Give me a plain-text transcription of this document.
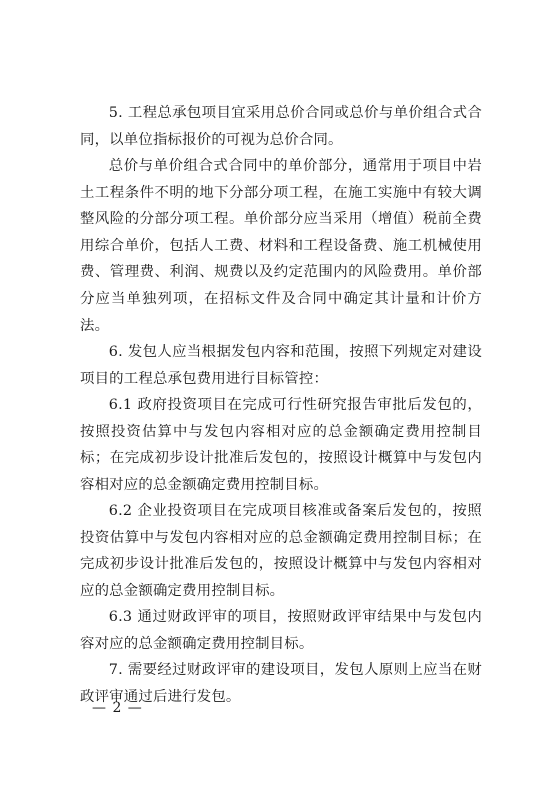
5. 工程总承包项目宜采用总价合同或总价与单价组合式合同，以单位指标报价的可视为总价合同。

总价与单价组合式合同中的单价部分，通常用于项目中岩土工程条件不明的地下分部分项工程，在施工实施中有较大调整风险的分部分项工程。单价部分应当采用（增值）税前全费用综合单价，包括人工费、材料和工程设备费、施工机械使用费、管理费、利润、规费以及约定范围内的风险费用。单价部分应当单独列项，在招标文件及合同中确定其计量和计价方法。

6. 发包人应当根据发包内容和范围，按照下列规定对建设项目的工程总承包费用进行目标管控：

6.1 政府投资项目在完成可行性研究报告审批后发包的，按照投资估算中与发包内容相对应的总金额确定费用控制目标；在完成初步设计批准后发包的，按照设计概算中与发包内容相对应的总金额确定费用控制目标。

6.2 企业投资项目在完成项目核准或备案后发包的，按照投资估算中与发包内容相对应的总金额确定费用控制目标；在完成初步设计批准后发包的，按照设计概算中与发包内容相对应的总金额确定费用控制目标。

6.3 通过财政评审的项目，按照财政评审结果中与发包内容对应的总金额确定费用控制目标。

7. 需要经过财政评审的建设项目，发包人原则上应当在财政评审通过后进行发包。

— 2 —
